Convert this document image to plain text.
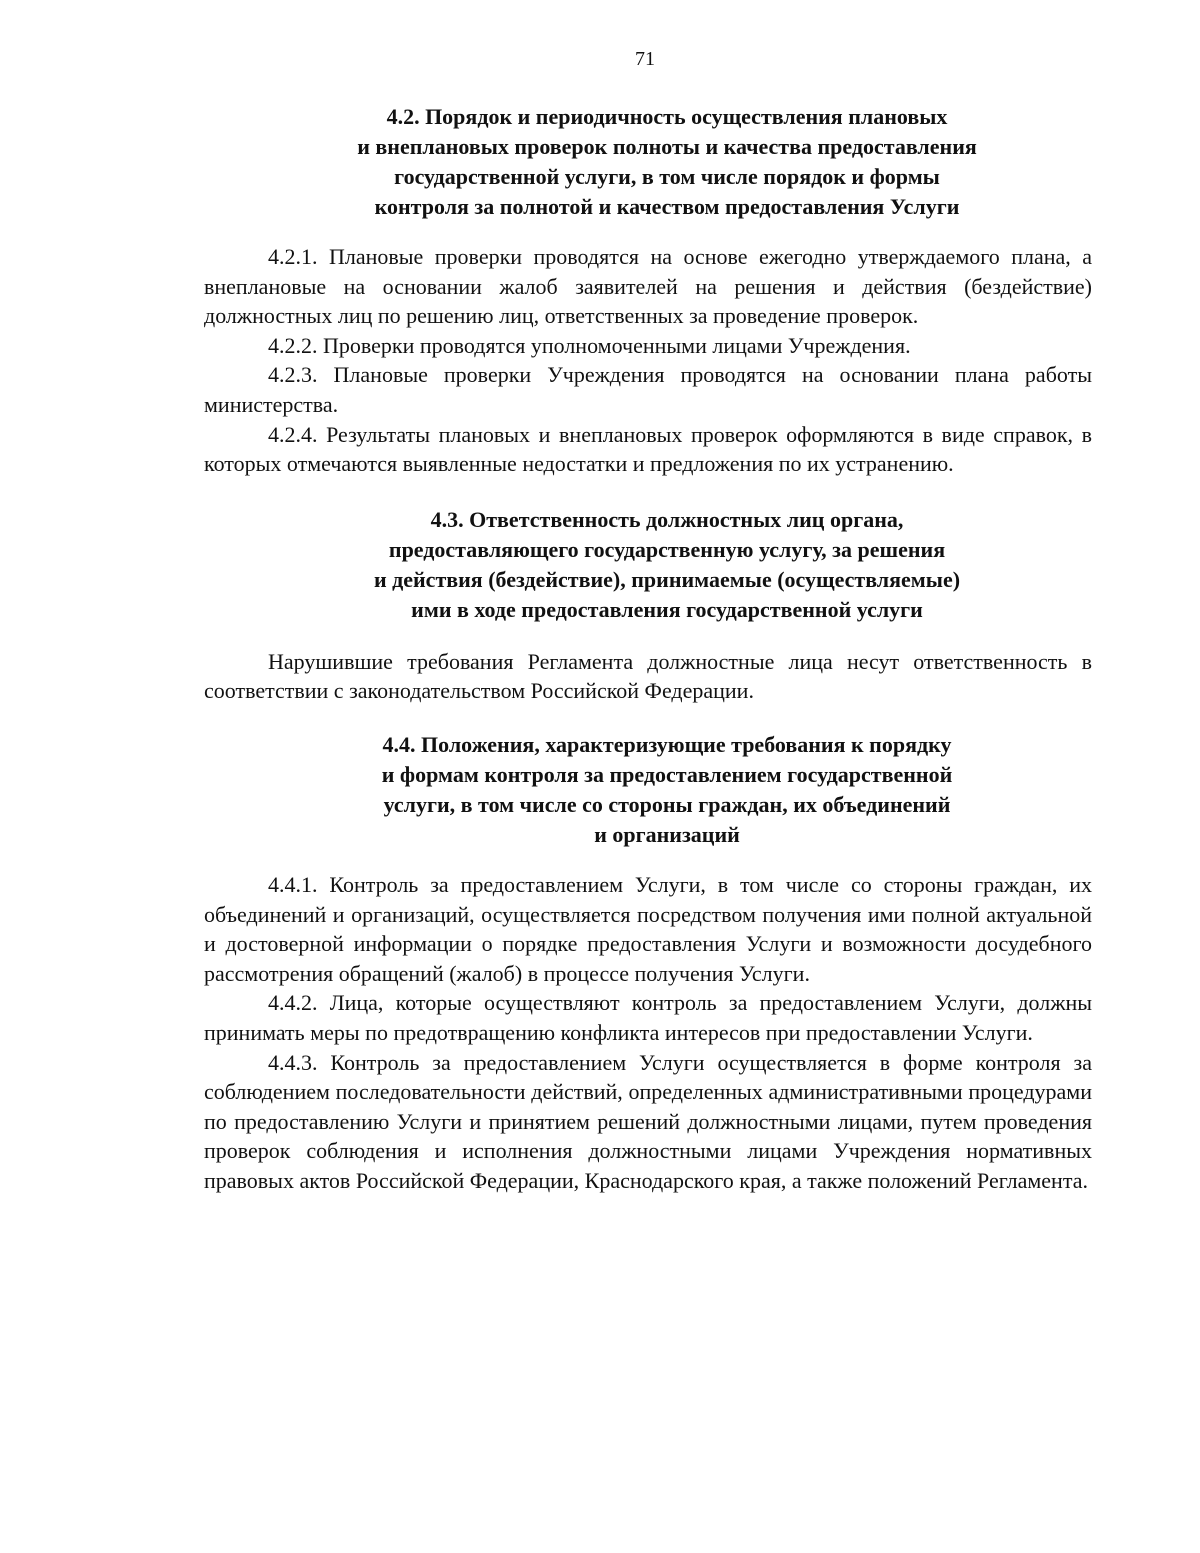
71
4.2. Порядок и периодичность осуществления плановых
и внеплановых проверок полноты и качества предоставления
государственной услуги, в том числе порядок и формы
контроля за полнотой и качеством предоставления Услуги

4.2.1. Плановые проверки проводятся на основе ежегодно утверждаемого плана, а внеплановые на основании жалоб заявителей на решения и действия (бездействие) должностных лиц по решению лиц, ответственных за проведение проверок.

4.2.2. Проверки проводятся уполномоченными лицами Учреждения.

4.2.3. Плановые проверки Учреждения проводятся на основании плана работы министерства.

4.2.4. Результаты плановых и внеплановых проверок оформляются в виде справок, в которых отмечаются выявленные недостатки и предложения по их устранению.

4.3. Ответственность должностных лиц органа,
предоставляющего государственную услугу, за решения
и действия (бездействие), принимаемые (осуществляемые)
ими в ходе предоставления государственной услуги

Нарушившие требования Регламента должностные лица несут ответственность в соответствии с законодательством Российской Федерации.

4.4. Положения, характеризующие требования к порядку
и формам контроля за предоставлением государственной
услуги, в том числе со стороны граждан, их объединений
и организаций

4.4.1. Контроль за предоставлением Услуги, в том числе со стороны граждан, их объединений и организаций, осуществляется посредством получения ими полной актуальной и достоверной информации о порядке предоставления Услуги и возможности досудебного рассмотрения обращений (жалоб) в процессе получения Услуги.

4.4.2. Лица, которые осуществляют контроль за предоставлением Услуги, должны принимать меры по предотвращению конфликта интересов при предоставлении Услуги.

4.4.3. Контроль за предоставлением Услуги осуществляется в форме контроля за соблюдением последовательности действий, определенных административными процедурами по предоставлению Услуги и принятием решений должностными лицами, путем проведения проверок соблюдения и исполнения должностными лицами Учреждения нормативных правовых актов Российской Федерации, Краснодарского края, а также положений Регламента.
